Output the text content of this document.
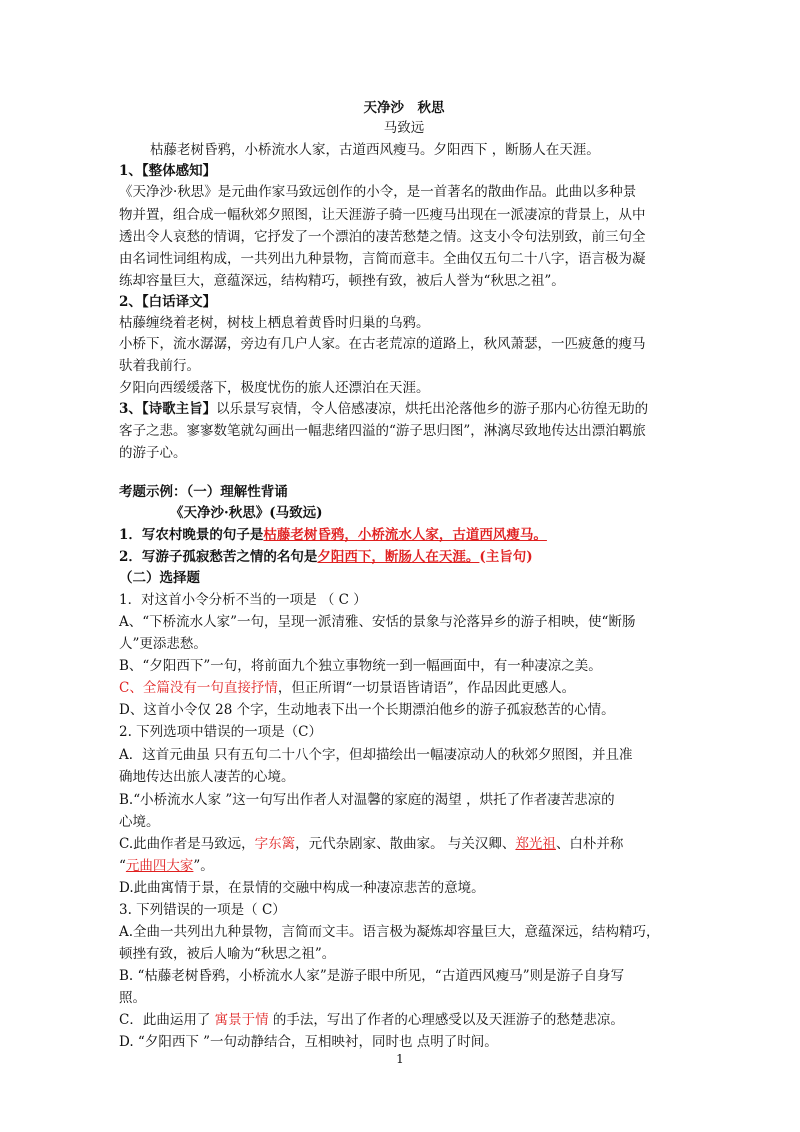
天净沙　秋思
马致远
枯藤老树昏鸦，小桥流水人家，古道西风瘦马。夕阳西下 ，断肠人在天涯。
1、【整体感知】
《天净沙·秋思》是元曲作家马致远创作的小令，是一首著名的散曲作品。此曲以多种景
物并置，组合成一幅秋郊夕照图，让天涯游子骑一匹瘦马出现在一派凄凉的背景上，从中
透出令人哀愁的情调，它抒发了一个漂泊的凄苦愁楚之情。这支小令句法别致，前三句全
由名词性词组构成，一共列出九种景物，言简而意丰。全曲仅五句二十八字，语言极为凝
练却容量巨大，意蕴深远，结构精巧，顿挫有致，被后人誉为“秋思之祖”。
2、【白话译文】
枯藤缠绕着老树，树枝上栖息着黄昏时归巢的乌鸦。
小桥下，流水潺潺，旁边有几户人家。在古老荒凉的道路上，秋风萧瑟，一匹疲惫的瘦马
驮着我前行。
夕阳向西缓缓落下，极度忧伤的旅人还漂泊在天涯。
3、【诗歌主旨】以乐景写哀情，令人倍感凄凉，烘托出沦落他乡的游子那内心彷徨无助的
客子之悲。寥寥数笔就勾画出一幅悲绪四溢的“游子思归图”，淋漓尽致地传达出漂泊羁旅
的游子心。
考题示例：（一）理解性背诵
《天净沙·秋思》(马致远)
1．写农村晚景的句子是枯藤老树昏鸦，小桥流水人家，古道西风瘦马。
2．写游子孤寂愁苦之情的名句是夕阳西下，断肠人在天涯。(主旨句)
（二）选择题
1．对这首小令分析不当的一项是 （ C ）
A、“下桥流水人家”一句，呈现一派清雅、安恬的景象与沦落异乡的游子相映，使“断肠
人”更添悲愁。
B、“夕阳西下”一句，将前面九个独立事物统一到一幅画面中，有一种凄凉之美。
C、全篇没有一句直接抒情，但正所谓“一切景语皆请语”，作品因此更感人。
D、这首小令仅 28 个字，生动地表下出一个长期漂泊他乡的游子孤寂愁苦的心情。
2. 下列选项中错误的一项是（C）
A．这首元曲虽 只有五句二十八个字，但却描绘出一幅凄凉动人的秋郊夕照图，并且准
确地传达出旅人凄苦的心境。
B.“小桥流水人家 ”这一句写出作者人对温馨的家庭的渴望 ，烘托了作者凄苦悲凉的
心境。
C.此曲作者是马致远，字东篱，元代杂剧家、散曲家。 与关汉卿、郑光祖、白朴并称
“元曲四大家”。
D.此曲寓情于景，在景情的交融中构成一种凄凉悲苦的意境。
3. 下列错误的一项是（ C）
A.全曲一共列出九种景物，言简而文丰。语言极为凝炼却容量巨大，意蕴深远，结构精巧，
顿挫有致，被后人喻为“秋思之祖”。
B. “枯藤老树昏鸦，小桥流水人家”是游子眼中所见，“古道西风瘦马”则是游子自身写
照。
C．此曲运用了 寓景于情 的手法，写出了作者的心理感受以及天涯游子的愁楚悲凉。
D. “夕阳西下 ”一句动静结合，互相映衬，同时也 点明了时间。
1
